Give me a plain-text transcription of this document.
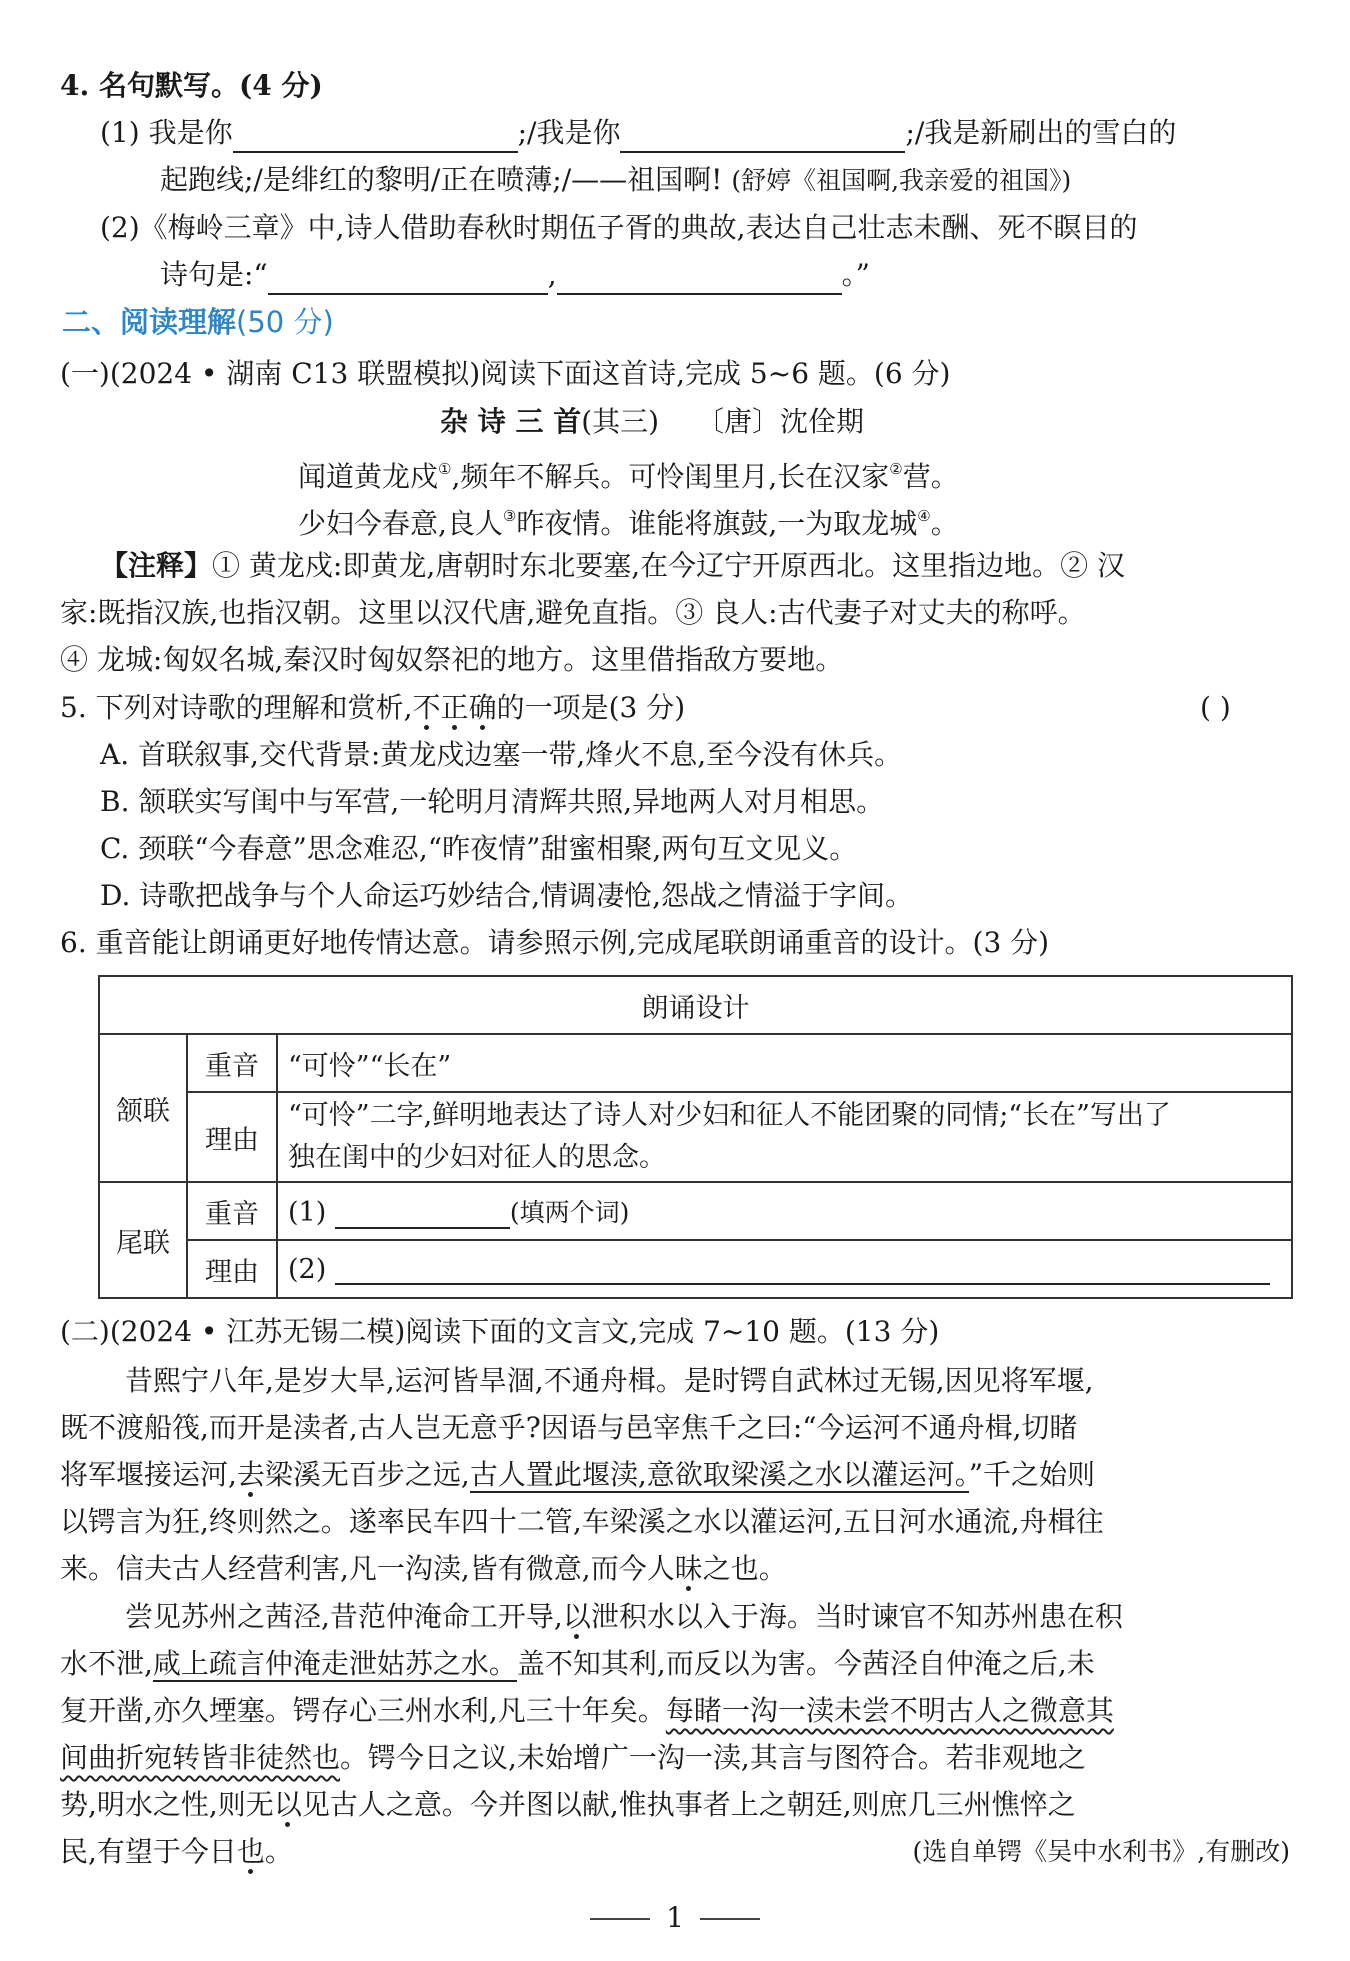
4. 名句默写。(4 分)
(1) 我是你	;/我是你	;/我是新刷出的雪白的
起跑线;/是绯红的黎明/正在喷薄;/——祖国啊! (舒婷《祖国啊,我亲爱的祖国》)
(2)《梅岭三章》中,诗人借助春秋时期伍子胥的典故,表达自己壮志未酬、死不瞑目的
诗句是:“	,	。”
二、阅读理解(50 分)
(一)(2024 • 湖南 C13 联盟模拟)阅读下面这首诗,完成 5~6 题。(6 分)
杂 诗 三 首(其三) 〔唐〕沈佺期
闻道黄龙戍①,频年不解兵。可怜闺里月,长在汉家②营。
少妇今春意,良人③昨夜情。谁能将旗鼓,一为取龙城④。
【注释】① 黄龙戍:即黄龙,唐朝时东北要塞,在今辽宁开原西北。这里指边地。② 汉
家:既指汉族,也指汉朝。这里以汉代唐,避免直指。③ 良人:古代妻子对丈夫的称呼。
④ 龙城:匈奴名城,秦汉时匈奴祭祀的地方。这里借指敌方要地。
5. 下列对诗歌的理解和赏析,不正确的一项是(3 分)	( )
A. 首联叙事,交代背景:黄龙戍边塞一带,烽火不息,至今没有休兵。
B. 颔联实写闺中与军营,一轮明月清辉共照,异地两人对月相思。
C. 颈联“今春意”思念难忍,“昨夜情”甜蜜相聚,两句互文见义。
D. 诗歌把战争与个人命运巧妙结合,情调凄怆,怨战之情溢于字间。
6. 重音能让朗诵更好地传情达意。请参照示例,完成尾联朗诵重音的设计。(3 分)
朗诵设计		
颔联	重音	“可怜”“长在”
	理由	“可怜”二字,鲜明地表达了诗人对少妇和征人不能团聚的同情;“长在”写出了
独在闺中的少妇对征人的思念。

尾联	重音	(1) (填两个词)
	理由	(2)
(二)(2024 • 江苏无锡二模)阅读下面的文言文,完成 7~10 题。(13 分)
昔熙宁八年,是岁大旱,运河皆旱涸,不通舟楫。是时锷自武林过无锡,因见将军堰,
既不渡船筏,而开是渎者,古人岂无意乎?因语与邑宰焦千之曰:“今运河不通舟楫,切睹
将军堰接运河,去梁溪无百步之远,古人置此堰渎,意欲取梁溪之水以灌运河。”千之始则
以锷言为狂,终则然之。遂率民车四十二管,车梁溪之水以灌运河,五日河水通流,舟楫往
来。信夫古人经营利害,凡一沟渎,皆有微意,而今人昧之也。
尝见苏州之茜泾,昔范仲淹命工开导,以泄积水以入于海。当时谏官不知苏州患在积
水不泄,咸上疏言仲淹走泄姑苏之水。盖不知其利,而反以为害。今茜泾自仲淹之后,未
复开凿,亦久堙塞。锷存心三州水利,凡三十年矣。每睹一沟一渎未尝不明古人之微意其
间曲折宛转皆非徒然也。锷今日之议,未始增广一沟一渎,其言与图符合。若非观地之
势,明水之性,则无以见古人之意。今并图以献,惟执事者上之朝廷,则庶几三州憔悴之
民,有望于今日也。	(选自单锷《吴中水利书》,有删改)
1
